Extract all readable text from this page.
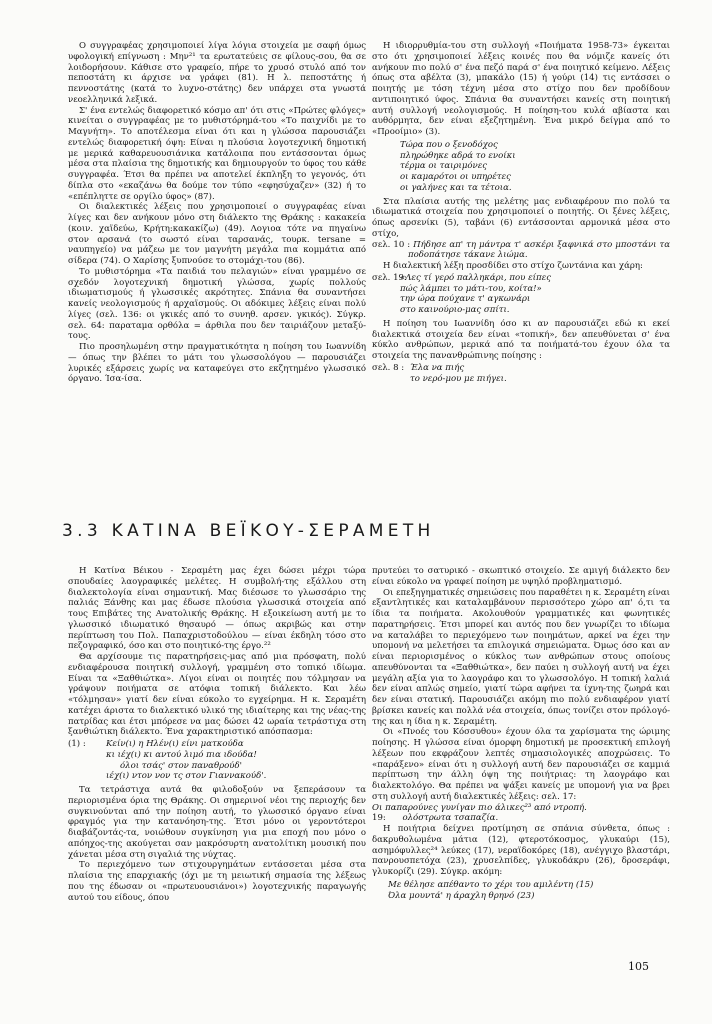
Ο συγγραφέας χρησιμοποιεί λίγα λόγια στοιχεία με σαφή όμως υφολογική επίγνωση : Μην²¹ τα ερωτατεύεις σε φίλους-σου, θα σε λοιδορήσουν. Κάθισε στο γραφείο, πήρε το χρυσό στυλό από τον πεποστάτη κι άρχισε να γράφει (81). Η λ. πεποστάτης ή πεννοστάτης (κατά το λυχνο-στάτης) δεν υπάρχει στα γνωστά νεοελληνικά λεξικά.

Σ' ένα εντελώς διαφορετικό κόσμο απ' ότι στις «Πρώτες φλόγες» κινείται ο συγγραφέας με το μυθιστόρημά-του «Το παιχνίδι με το Μαγνήτη». Το αποτέλεσμα είναι ότι και η γλώσσα παρουσιάζει εντελώς διαφορετική όψη: Είναι η πλούσια λογοτεχνική δημοτική με μερικά καθαρευουσιάνικα κατάλοιπα που εντάσσονται όμως μέσα στα πλαίσια της δημοτικής και δημιουργούν το ύφος του κάθε συγγραφέα. Έτσι θα πρέπει να αποτελεί έκπληξη το γεγονός, ότι δίπλα στο «εκαζάνω θα δούμε τον τύπο «εφησύχαζεν» (32) ή το «επέπληττε σε οργίλο ύφος» (87).

Οι διαλεκτικές λέξεις που χρησιμοποιεί ο συγγραφέας είναι λίγες και δεν ανήκουν μόνο στη διάλεκτο της Θράκης : κακακεία (κοιν. χαϊδεύω, Κρήτη:κακακίζω) (49). Λογιοα τότε να πηγαίνω στον αρσανά (το σωστό είναι ταρσανάς, τουρκ. tersane = ναυπηγείο) να μάζεω με τον μαγνήτη μεγάλα πια κομμάτια από σίδερα (74). Ο Χαρίσης ξυπνούσε το στομάχι-του (86).

Το μυθιστόρημα «Τα παιδιά του πελαγιών» είναι γραμμένο σε σχεδόν λογοτεχνική δημοτική γλώσσα, χωρίς πολλούς ιδιωματισμούς ή γλωσσικές ακρότητες. Σπάνια θα συναντήσει κανείς νεολογισμούς ή αρχαϊσμούς. Οι αδόκιμες λέξεις είναι πολύ λίγες (σελ. 136: οι γκικές από το συνηθ. αρσεν. γκικός). Σύγκρ. σελ. 64: παραταμα ορθόλα = άρθιλα που δεν ταιριάζουν μεταξύ-τους.

Πιο προσηλωμένη στην πραγματικότητα η ποίηση του Ιωαννίδη — όπως την βλέπει το μάτι του γλωσσολόγου — παρουσιάζει λυρικές εξάρσεις χωρίς να καταφεύγει στο εκζητημένο γλωσσικό όργανο. Ίσα-ίσα.

Η ιδιορρυθμία-του στη συλλογή «Ποιήματα 1958-73» έγκειται στο ότι χρησιμοποιεί λέξεις κοινές που θα νόμιζε κανείς ότι ανήκουν πιο πολύ σ' ένα πεζό παρά σ' ένα ποιητικό κείμενο. Λέξεις όπως στα αβέλτα (3), μπακάλο (15) ή γούρι (14) τις εντάσσει ο ποιητής με τόση τέχνη μέσα στο στίχο που δεν προδίδουν αντιποιητικό ύφος. Σπάνια θα συναντήσει κανείς στη ποιητική αυτή συλλογή νεολογισμούς. Η ποίηση-του κυλά αβίαστα και αυθόρμητα, δεν είναι εξεζητημένη. Ένα μικρό δείγμα από το «Προοίμιο» (3).

Τώρα που ο ξενοδόχος
πληρώθηκε αδρά το ενοίκι
τέρμα οι ταιριμόνες
οι καμαρότοι οι υπηρέτες
οι γαλήνες και τα τέτοια.

Στα πλαίσια αυτής της μελέτης μας ενδιαφέρουν πιο πολύ τα ιδιωματικά στοιχεία που χρησιμοποιεί ο ποιητής. Οι ξένες λέξεις, όπως αρσενίκι (5), ταβάνι (6) εντάσσονται αρμονικά μέσα στο στίχο,

σελ. 10 : Πήδησε απ' τη μάντρα τ' ασκέρι ξαφνικά στο μποστάνι τα ποδοπάτησε τάκανε λιώμα.

Η διαλεκτική λέξη προσδίδει στο στίχο ζωντάνια και χάρη:

σελ. 19:
«Λες τί γερό παλληκάρι, που είπες
πώς λάμπει το μάτι-του, κοίτα!»
την ώρα πούχανε τ' αγκωνάρι
στο καινούριο-μας σπίτι.

Η ποίηση του Ιωαννίδη όσο κι αν παρουσιάζει εδώ κι εκεί διαλεκτικά στοιχεία δεν είναι «τοπική», δεν απευθύνεται σ' ένα κύκλο ανθρώπων, μερικά από τα ποιήματά-του έχουν όλα τα στοιχεία της πανανθρώπινης ποίησης :

σελ. 8 : Έλα να πιής
το νερό-μου με πιήγει.
3.3 ΚΑΤΙΝΑ ΒΕΪΚΟΥ-ΣΕΡΑΜΕΤΗ

Η Κατίνα Βέικου - Σεραμέτη μας έχει δώσει μέχρι τώρα σπουδαίες λαογραφικές μελέτες. Η συμβολή-της εξάλλου στη διαλεκτολογία είναι σημαντική. Μας διέσωσε το γλωσσάριο της παλιάς Ξάνθης και μας έδωσε πλούσια γλωσσικά στοιχεία από τους Επιβάτες της Ανατολικής Θράκης. Η εξοικείωση αυτή με το γλωσσικό ιδιωματικό θησαυρό — όπως ακριβώς και στην περίπτωση του Πολ. Παπαχριστοδούλου — είναι έκδηλη τόσο στο πεζογραφικό, όσο και στο ποιητικό-της έργο.²²

Θα αρχίσουμε τις παρατηρήσεις-μας από μια πρόσφατη, πολύ ενδιαφέρουσα ποιητική συλλογή, γραμμένη στο τοπικό ιδίωμα. Είναι τα «Ξαθθιώτκα». Λίγοι είναι οι ποιητές που τόλμησαν να γράψουν ποιήματα σε ατόφια τοπική διάλεκτο. Και λέω «τόλμησαν» γιατί δεν είναι εύκολο το εγχείρημα. Η κ. Σεραμέτη κατέχει άριστα το διαλεκτικό υλικό της ιδιαίτερης και της νέας-της πατρίδας και έτσι μπόρεσε να μας δώσει 42 ωραία τετράστιχα στη ξανθιώτικη διάλεκτο. Ένα χαρακτηριστικό απόσπασμα:

(1) : Κείν(ι) η Ηλέν(ι) είνι ματκούδα
κι ιέχ(ι) κι αντού λιμό πια ιδούδα!
όλοι τσάς' στον παναθρούδ'
ιέχ(ι) ντον νον τς στον Γιαννακούδ'.

Τα τετράστιχα αυτά θα φιλοδοξούν να ξεπεράσουν τα περιορισμένα όρια της Θράκης. Οι σημερινοί νέοι της περιοχής δεν συγκινούνται από την ποίηση αυτή, το γλωσσικό όργανο είναι φραγμός για την κατανόηση-της. Έτσι μόνο οι γεροντότεροι διαβάζοντάς-τα, νοιώθουν συγκίνηση για μια εποχή που μόνο ο απόηχος-της ακούγεται σαν μακρόσυρτη ανατολίτικη μουσική που χάνεται μέσα στη σιγαλιά της νύχτας.

Το περιεχόμενο των στιχουργημάτων εντάσσεται μέσα στα πλαίσια της επαρχιακής (όχι με τη μειωτική σημασία της λέξεως που της έδωσαν οι «πρωτευουσιάνοι») λογοτεχνικής παραγωγής αυτού του είδους, όπου

πρυτεύει το σατυρικό - σκωπτικό στοιχείο. Σε αμιγή διάλεκτο δεν είναι εύκολο να γραφεί ποίηση με υψηλό προβληματισμό.

Οι επεξηγηματικές σημειώσεις που παραθέτει η κ. Σεραμέτη είναι εξαντλητικές και καταλαμβάνουν περισσότερο χώρο απ' ό,τι τα ίδια τα ποιήματα. Ακολουθούν γραμματικές και φωνητικές παρατηρήσεις. Έτσι μπορεί και αυτός που δεν γνωρίζει το ιδίωμα να καταλάβει το περιεχόμενο των ποιημάτων, αρκεί να έχει την υπομονή να μελετήσει τα επιλογικά σημειώματα. Όμως όσο και αν είναι περιορισμένος ο κύκλος των ανθρώπων στους οποίους απευθύνονται τα «Ξαθθιώτκα», δεν παύει η συλλογή αυτή να έχει μεγάλη αξία για το λαογράφο και το γλωσσολόγο. Η τοπική λαλιά δεν είναι απλώς σημείο, γιατί τώρα αφήνει τα ίχνη-της ζωηρά και δεν είναι στατική. Παρουσιάζει ακόμη πιο πολύ ενδιαφέρον γιατί βρίσκει κανείς και πολλά νέα στοιχεία, όπως τονίζει στον πρόλογό-της και η ίδια η κ. Σεραμέτη.

Οι «Πνοές του Κόσσυθου» έχουν όλα τα χαρίσματα της ώριμης ποίησης. Η γλώσσα είναι όμορφη δημοτική με προσεκτική επιλογή λέξεων που εκφράζουν λεπτές σημασιολογικές αποχρώσεις. Το «παράξενο» είναι ότι η συλλογή αυτή δεν παρουσιάζει σε καμμιά περίπτωση την άλλη όψη της ποιήτριας: τη λαογράφο και διαλεκτολόγο. Θα πρέπει να ψάξει κανείς με υπομονή για να βρει στη συλλογή αυτή διαλεκτικές λέξεις: σελ. 17:

Οι παπαρούνες γυνίγαν πιο άλικες²³ από ντροπή.

19: ολόστρωτα τσαπαζία.

Η ποιήτρια δείχνει προτίμηση σε σπάνια σύνθετα, όπως : δακρυθολωμένα μάτια (12), φτεροτόκοσμος, γλυκαύρι (15), ασημόφυλλες²⁴ λεύκες (17), νεραϊδοκόρες (18), ανέγγιχο βλαστάρι, πανρουσπετόχα (23), χρυσελπίδες, γλυκοδάκρυ (26), δροσεράφι, γλυκορίζι (29). Σύγκρ. ακόμη:

Με θέλησε απέθαντο το χέρι του αμιλέντη (15)
Όλα μουντά' η άραχλη θρηνό (23)
105
